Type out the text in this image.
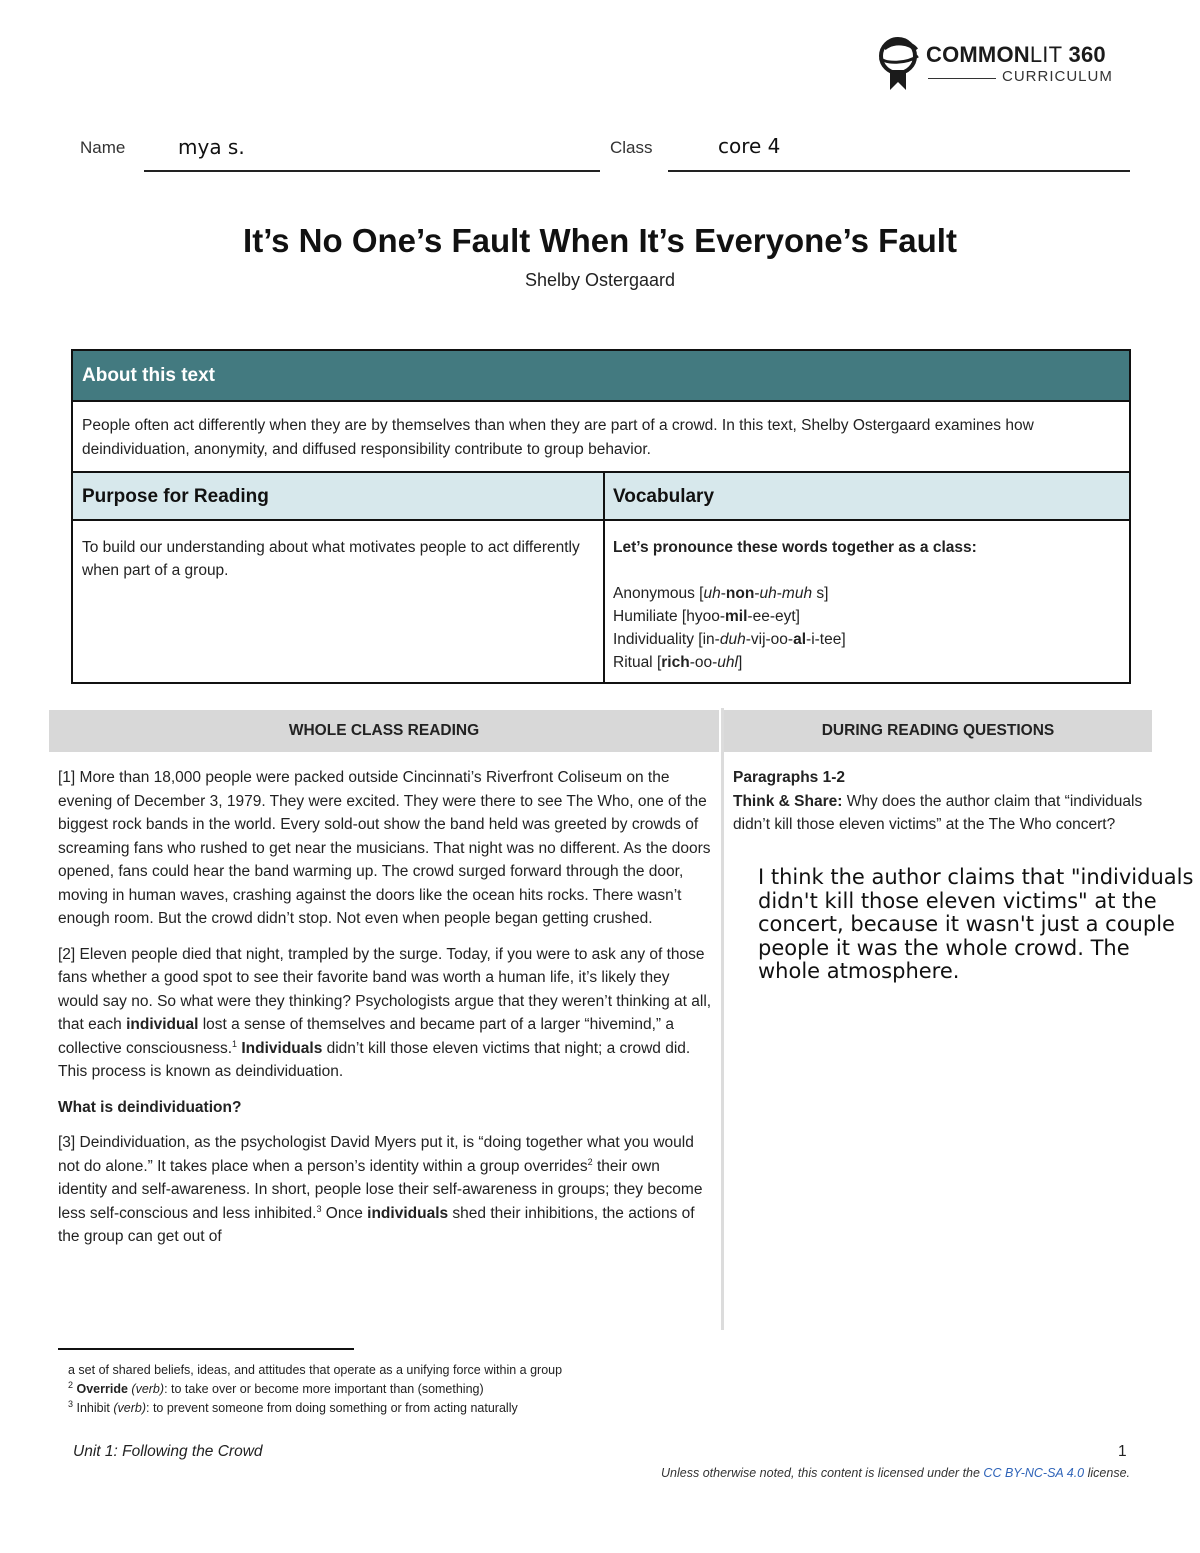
COMMONLIT 360
CURRICULUM
Name	mya s.	Class	core 4
It’s No One’s Fault When It’s Everyone’s Fault
Shelby Ostergaard
About this text
People often act differently when they are by themselves than when they are part of a crowd. In this text, Shelby Ostergaard examines how deindividuation, anonymity, and diffused responsibility contribute to group behavior.
Purpose for Reading	Vocabulary
To build our understanding about what motivates people to act differently when part of a group.
Let’s pronounce these words together as a class:
Anonymous [uh-non-uh-muh s]
Humiliate [hyoo-mil-ee-eyt]
Individuality [in-duh-vij-oo-al-i-tee]
Ritual [rich-oo-uhl]
WHOLE CLASS READING	DURING READING QUESTIONS

[1] More than 18,000 people were packed outside Cincinnati’s Riverfront Coliseum on the evening of December 3, 1979. They were excited. They were there to see The Who, one of the biggest rock bands in the world. Every sold-out show the band held was greeted by crowds of screaming fans who rushed to get near the musicians. That night was no different. As the doors opened, fans could hear the band warming up. The crowd surged forward through the door, moving in human waves, crashing against the doors like the ocean hits rocks. There wasn’t enough room. But the crowd didn’t stop. Not even when people began getting crushed.

[2] Eleven people died that night, trampled by the surge. Today, if you were to ask any of those fans whether a good spot to see their favorite band was worth a human life, it’s likely they would say no. So what were they thinking? Psychologists argue that they weren’t thinking at all, that each individual lost a sense of themselves and became part of a larger “hivemind,” a collective consciousness.$^1$ Individuals didn’t kill those eleven victims that night; a crowd did. This process is known as deindividuation.

What is deindividuation?

[3] Deindividuation, as the psychologist David Myers put it, is “doing together what you would not do alone.” It takes place when a person’s identity within a group overrides$^2$ their own identity and self-awareness. In short, people lose their self-awareness in groups; they become less self-conscious and less inhibited.$^3$ Once individuals shed their inhibitions, the actions of the group can get out of

Paragraphs 1-2
Think & Share: Why does the author claim that “individuals didn’t kill those eleven victims” at the The Who concert?
I think the author claims that "individuals didn't kill those eleven victims" at the concert, because it wasn't just a couple people it was the whole crowd. The whole atmosphere.
a set of shared beliefs, ideas, and attitudes that operate as a unifying force within a group
$^2$ Override (verb): to take over or become more important than (something)
$^3$ Inhibit (verb): to prevent someone from doing something or from acting naturally
Unit 1: Following the Crowd	1
Unless otherwise noted, this content is licensed under the CC BY-NC-SA 4.0 license.
